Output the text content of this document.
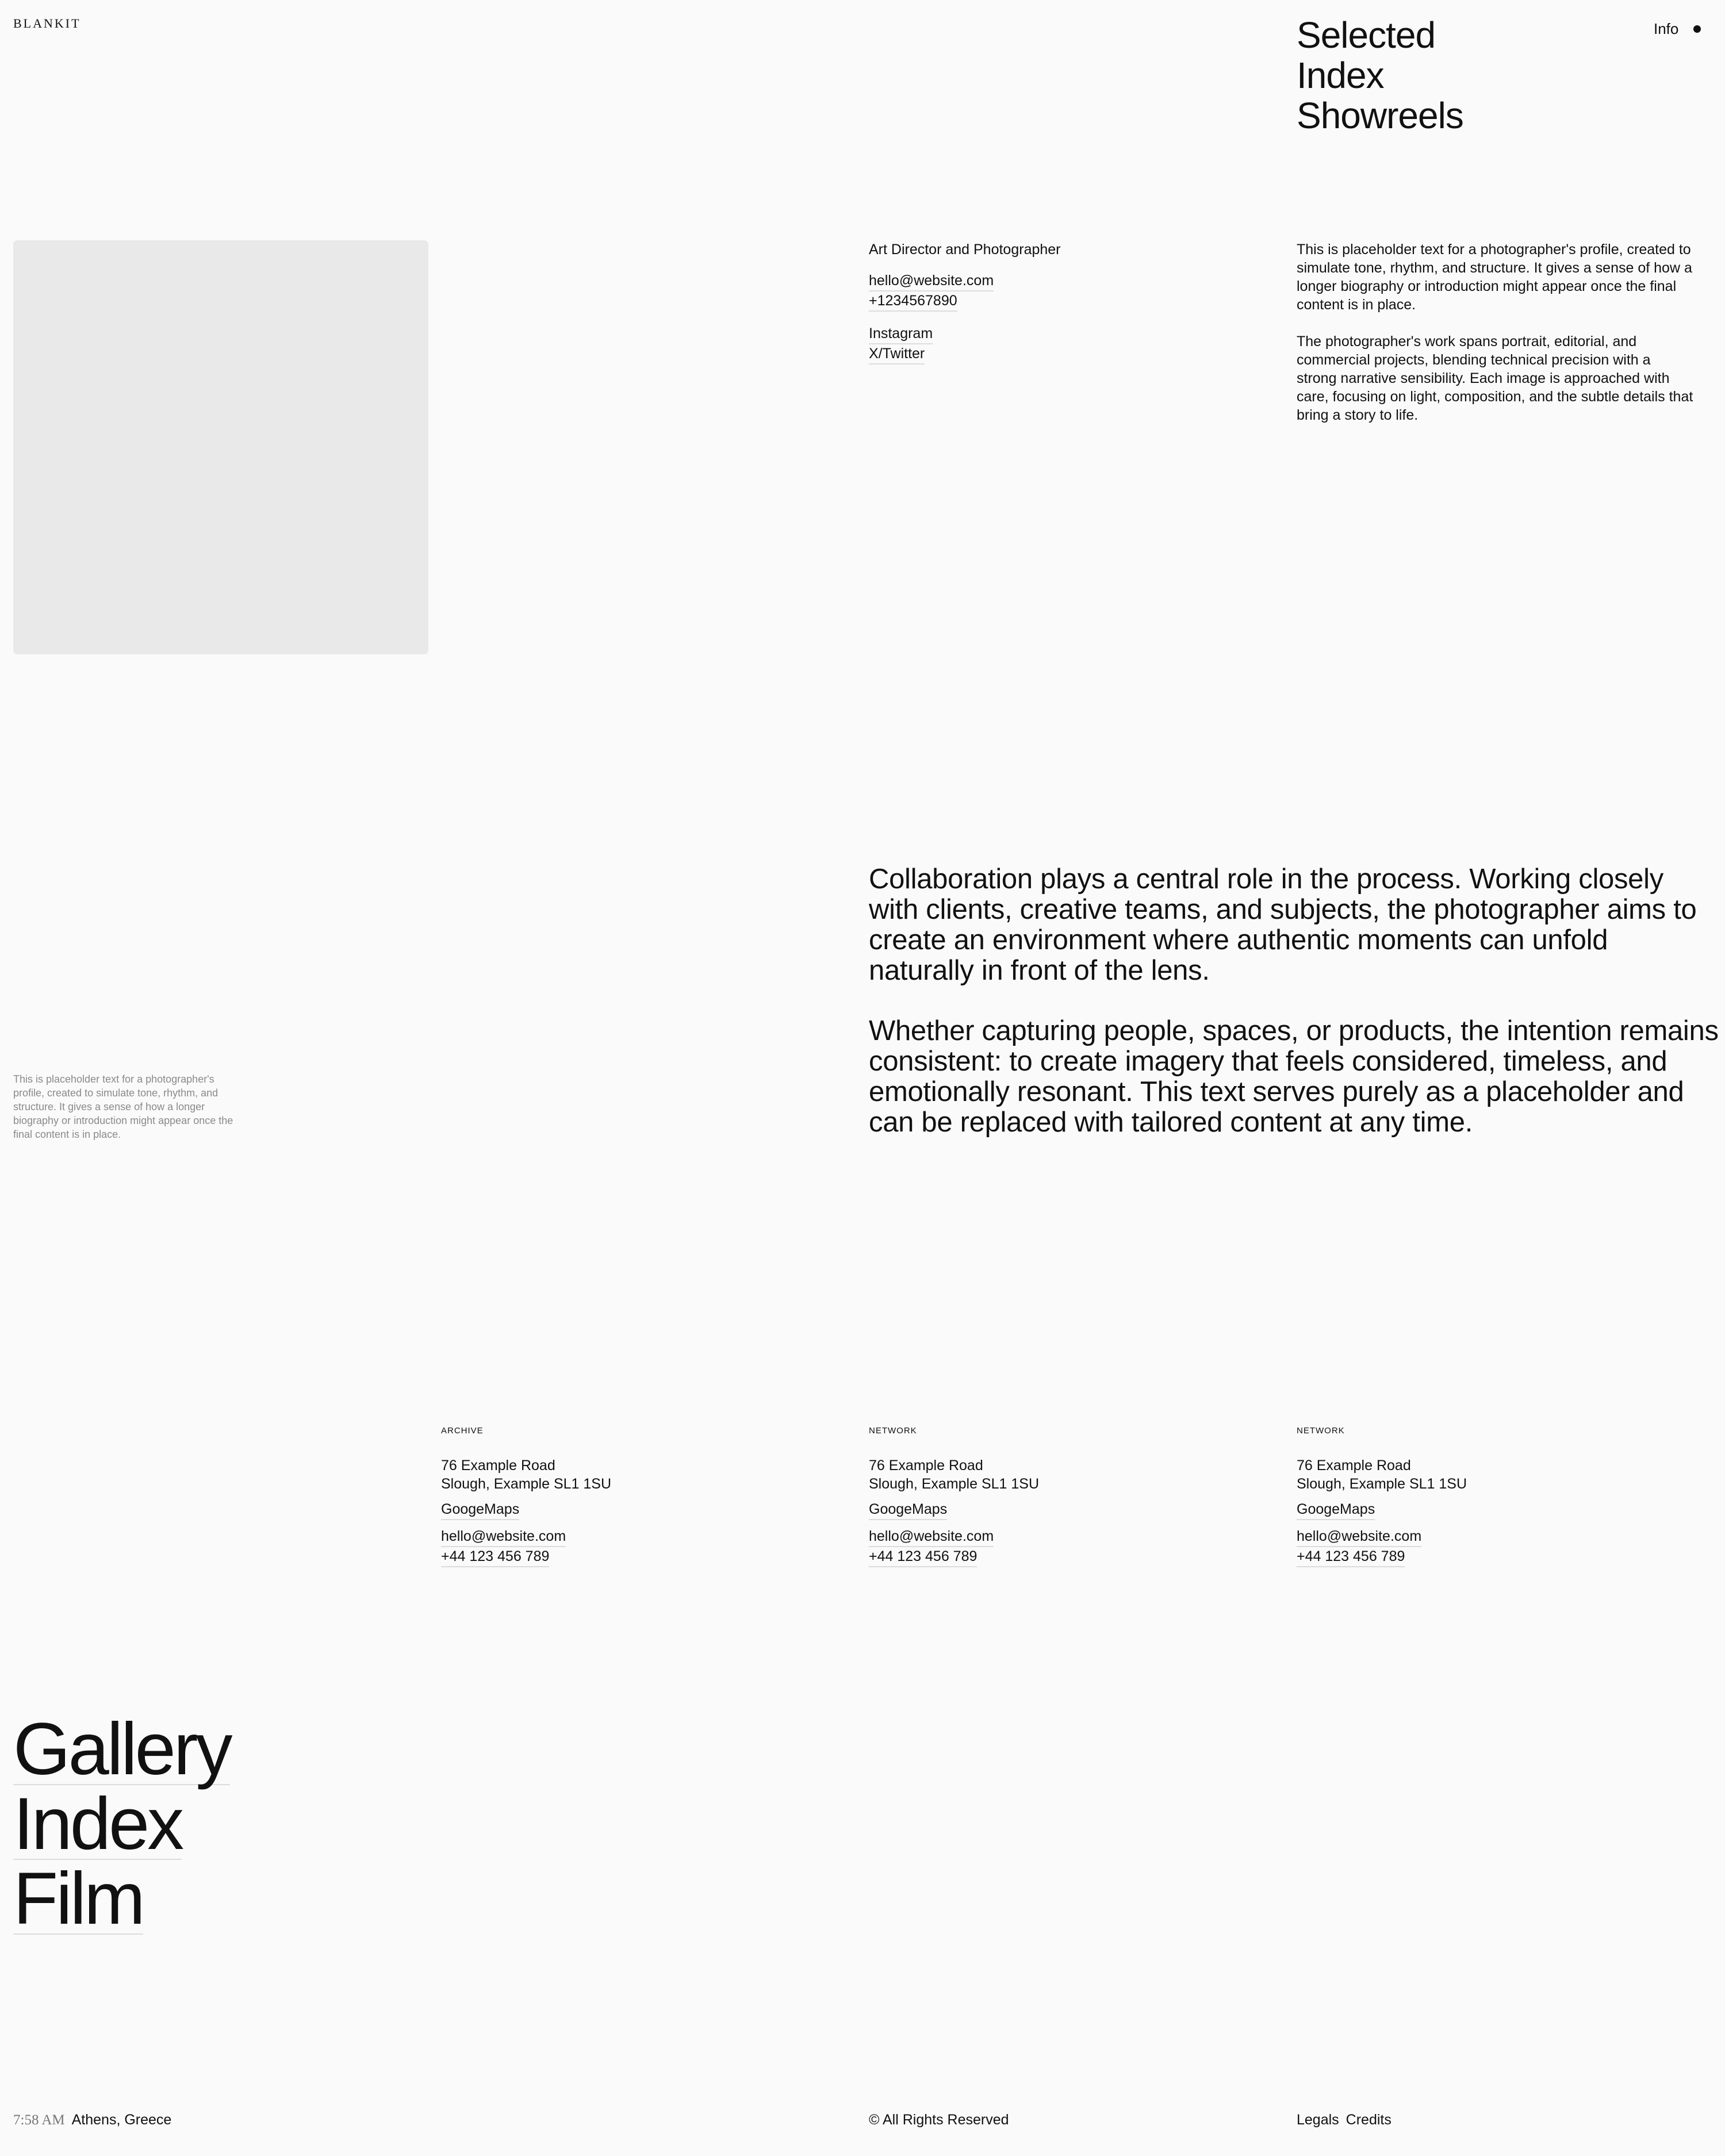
BLANKIT	Selected
Index
Showreels
Info
Art Director and Photographer
hello@website.com
+1234567890
Instagram
X/Twitter

This is placeholder text for a photographer's profile, created to simulate tone, rhythm, and structure. It gives a sense of how a longer biography or introduction might appear once the final content is in place.

The photographer's work spans portrait, editorial, and commercial projects, blending technical precision with a strong narrative sensibility. Each image is approached with care, focusing on light, composition, and the subtle details that bring a story to life.

Collaboration plays a central role in the process. Working closely with clients, creative teams, and subjects, the photographer aims to create an environment where authentic moments can unfold naturally in front of the lens.

Whether capturing people, spaces, or products, the intention remains consistent: to create imagery that feels considered, timeless, and emotionally resonant. This text serves purely as a placeholder and can be replaced with tailored content at any time.

This is placeholder text for a photographer's profile, created to simulate tone, rhythm, and structure. It gives a sense of how a longer biography or introduction might appear once the final content is in place.
ARCHIVE
76 Example Road
Slough, Example SL1 1SU
GoogeMaps
hello@website.com
+44 123 456 789
NETWORK
76 Example Road
Slough, Example SL1 1SU
GoogeMaps
hello@website.com
+44 123 456 789
NETWORK
76 Example Road
Slough, Example SL1 1SU
GoogeMaps
hello@website.com
+44 123 456 789
Gallery
Index
Film
7:58 AM Athens, Greece	© All Rights Reserved	Legals Credits
